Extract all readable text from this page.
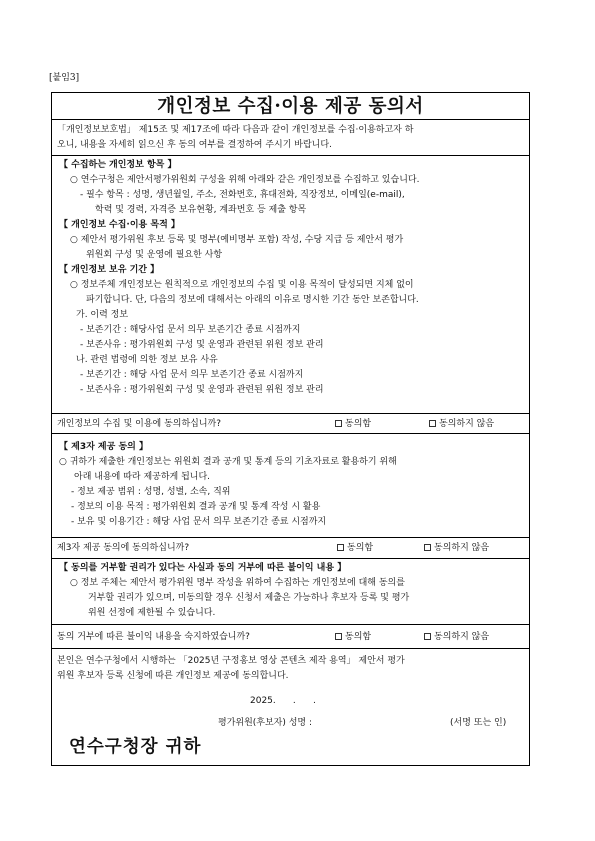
[붙임3]
개인정보 수집·이용 제공 동의서
「개인정보보호법」 제15조 및 제17조에 따라 다음과 같이 개인정보를 수집·이용하고자 하
오니, 내용을 자세히 읽으신 후 동의 여부를 결정하여 주시기 바랍니다.
【 수집하는 개인정보 항목 】
○ 연수구청은 제안서평가위원회 구성을 위해 아래와 같은 개인정보를 수집하고 있습니다.
- 필수 항목 : 성명, 생년월일, 주소, 전화번호, 휴대전화, 직장정보, 이메일(e-mail),
학력 및 경력, 자격증 보유현황, 계좌번호 등 제출 항목
【 개인정보 수집·이용 목적 】
○ 제안서 평가위원 후보 등록 및 명부(예비명부 포함) 작성, 수당 지급 등 제안서 평가
위원회 구성 및 운영에 필요한 사항
【 개인정보 보유 기간 】
○ 정보주체 개인정보는 원칙적으로 개인정보의 수집 및 이용 목적이 달성되면 지체 없이
파기합니다. 단, 다음의 정보에 대해서는 아래의 이유로 명시한 기간 동안 보존합니다.
가. 이력 정보
- 보존기간 : 해당사업 문서 의무 보존기간 종료 시점까지
- 보존사유 : 평가위원회 구성 및 운영과 관련된 위원 정보 관리
나. 관련 법령에 의한 정보 보유 사유
- 보존기간 : 해당 사업 문서 의무 보존기간 종료 시점까지
- 보존사유 : 평가위원회 구성 및 운영과 관련된 위원 정보 관리
개인정보의 수집 및 이용에 동의하십니까?	동의함	동의하지 않음
【 제3자 제공 동의 】
○ 귀하가 제출한 개인정보는 위원회 결과 공개 및 통계 등의 기초자료로 활용하기 위해
아래 내용에 따라 제공하게 됩니다.
- 정보 제공 범위 : 성명, 성별, 소속, 직위
- 정보의 이용 목적 : 평가위원회 결과 공개 및 통계 작성 시 활용
- 보유 및 이용기간 : 해당 사업 문서 의무 보존기간 종료 시점까지
제3자 제공 동의에 동의하십니까?	동의함	동의하지 않음
【 동의를 거부할 권리가 있다는 사실과 동의 거부에 따른 불이익 내용 】
○ 정보 주체는 제안서 평가위원 명부 작성을 위하여 수집하는 개인정보에 대해 동의를
거부할 권리가 있으며, 미동의할 경우 신청서 제출은 가능하나 후보자 등록 및 평가
위원 선정에 제한될 수 있습니다.
동의 거부에 따른 불이익 내용을 숙지하였습니까?	동의함	동의하지 않음
본인은 연수구청에서 시행하는 「2025년 구정홍보 영상 콘텐츠 제작 용역」 제안서 평가
위원 후보자 등록 신청에 따른 개인정보 제공에 동의합니다.
2025.      .      .
평가위원(후보자) 성명 :	(서명 또는 인)
연수구청장 귀하
